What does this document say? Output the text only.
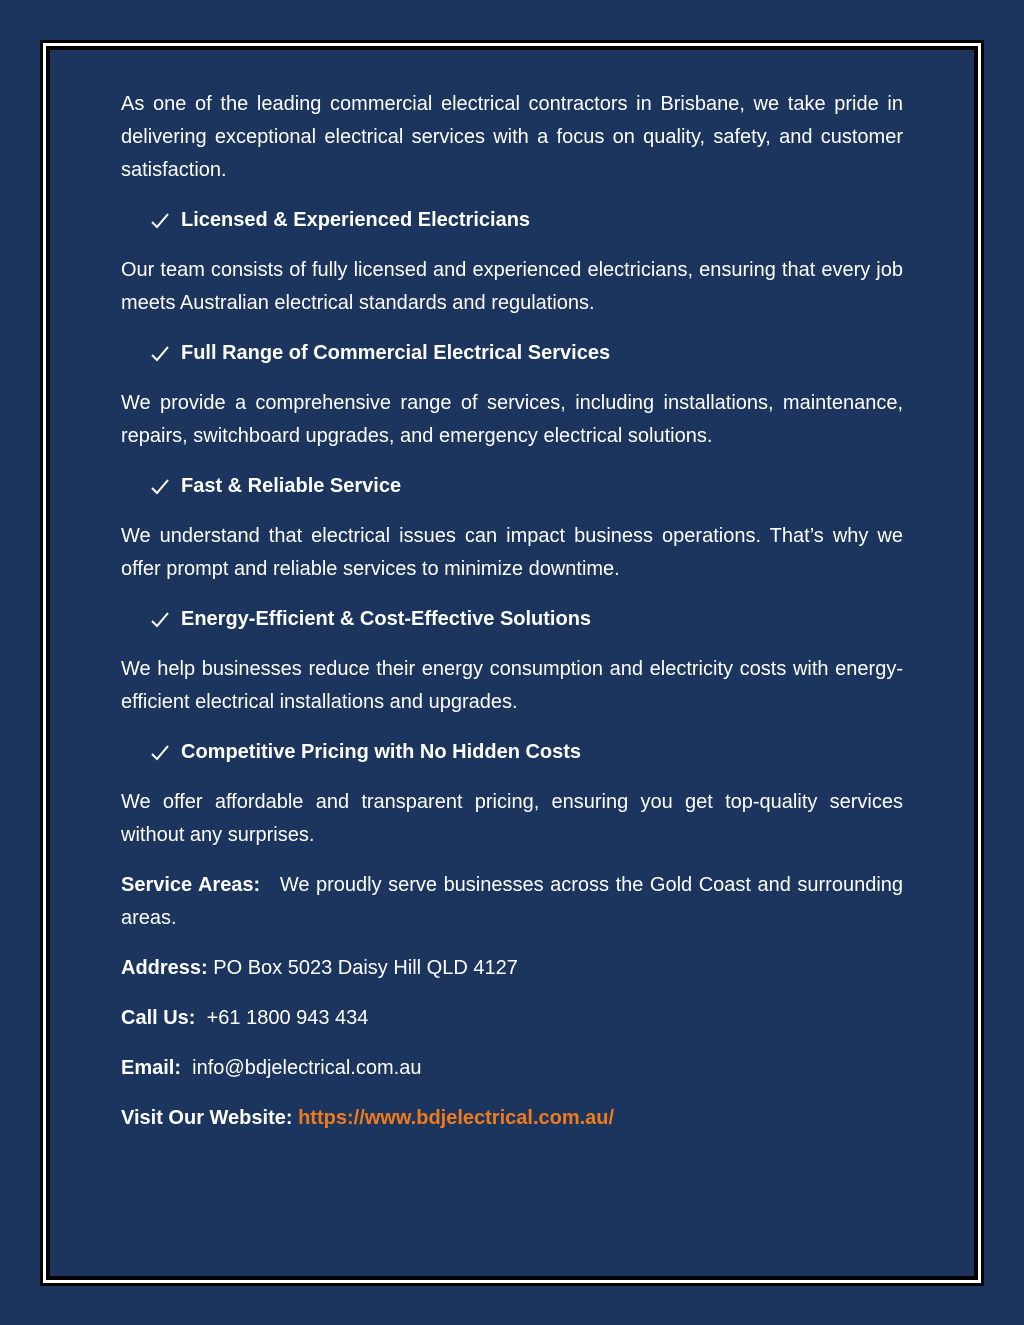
As one of the leading commercial electrical contractors in Brisbane, we take pride in delivering exceptional electrical services with a focus on quality, safety, and customer satisfaction.

Licensed & Experienced Electricians

Our team consists of fully licensed and experienced electricians, ensuring that every job meets Australian electrical standards and regulations.

Full Range of Commercial Electrical Services

We provide a comprehensive range of services, including installations, maintenance, repairs, switchboard upgrades, and emergency electrical solutions.

Fast & Reliable Service

We understand that electrical issues can impact business operations. That’s why we offer prompt and reliable services to minimize downtime.

Energy-Efficient & Cost-Effective Solutions

We help businesses reduce their energy consumption and electricity costs with energy-efficient electrical installations and upgrades.

Competitive Pricing with No Hidden Costs

We offer affordable and transparent pricing, ensuring you get top-quality services without any surprises.

Service Areas: We proudly serve businesses across the Gold Coast and surrounding areas.

Address: PO Box 5023 Daisy Hill QLD 4127

Call Us: +61 1800 943 434

Email: info@bdjelectrical.com.au

Visit Our Website: https://www.bdjelectrical.com.au/
